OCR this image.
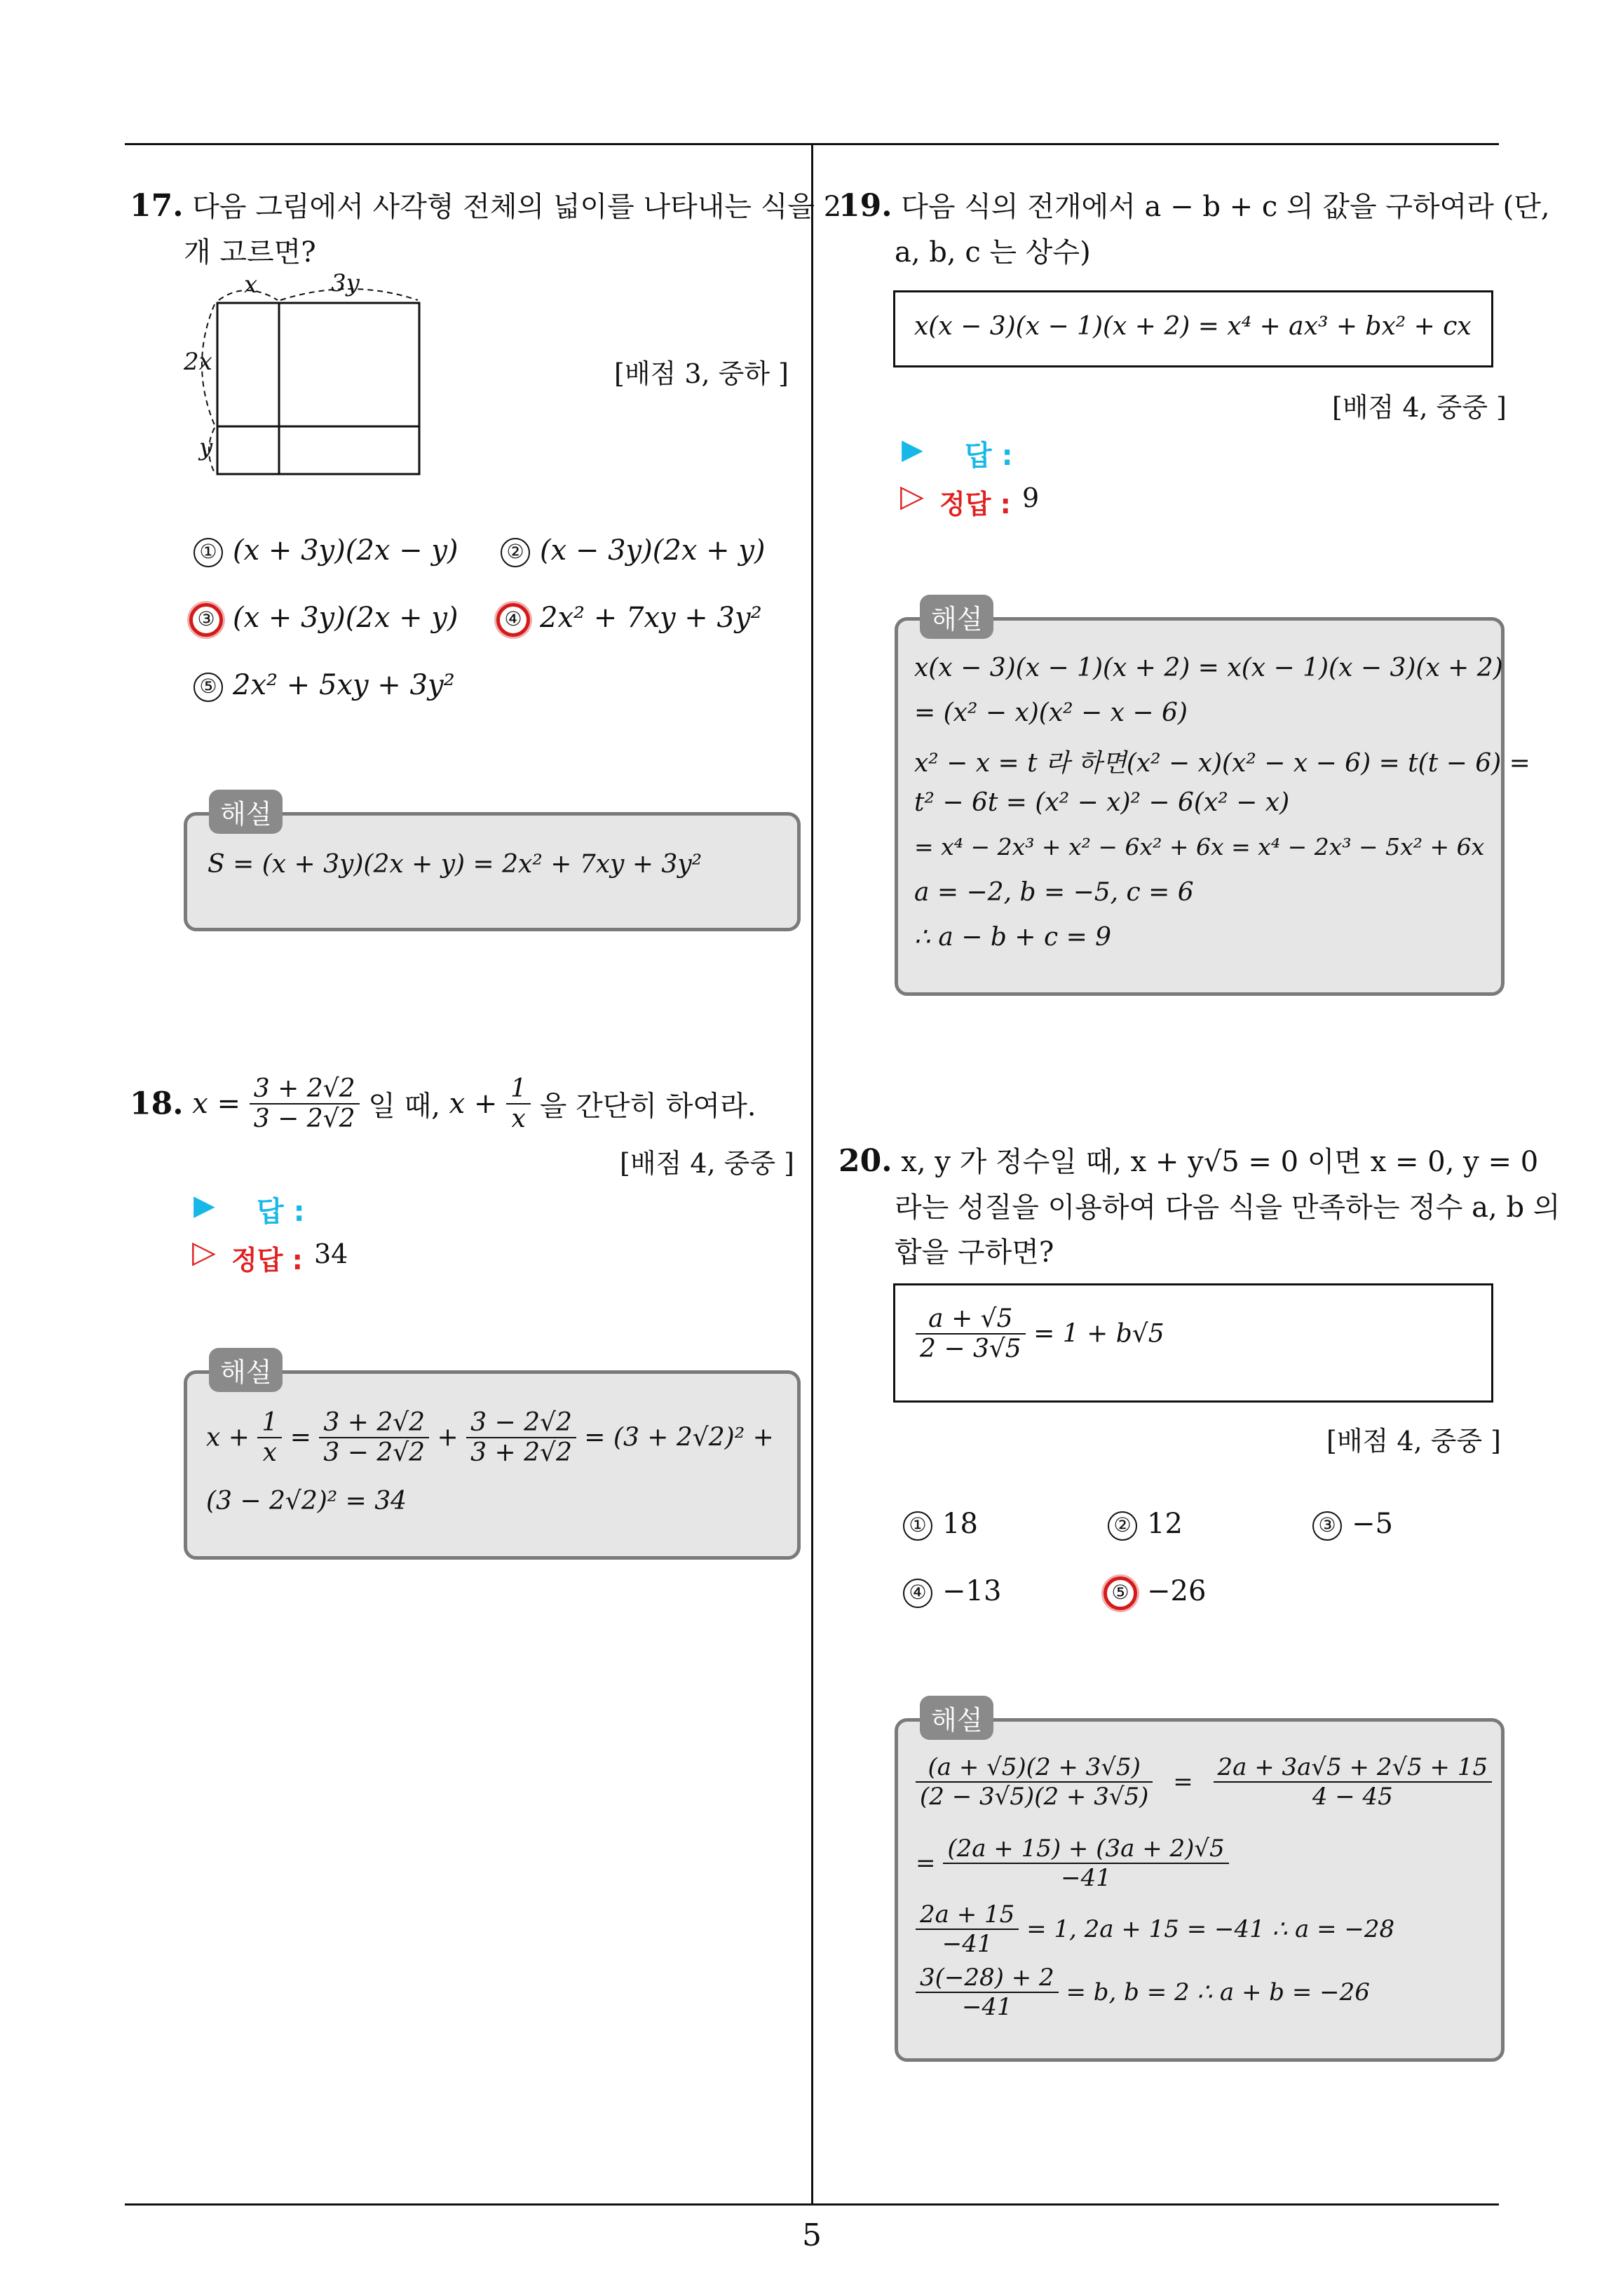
5
17. 다음 그림에서 사각형 전체의 넓이를 나타내는 식을 2
개 고르면?
x	3y
2x
y
[배점 3, 중하 ]
① (x + 3y)(2x − y)	② (x − 3y)(2x + y)
③ (x + 3y)(2x + y)	④ 2x² + 7xy + 3y²
⑤ 2x² + 5xy + 3y²
해설
S = (x + 3y)(2x + y) = 2x² + 7xy + 3y²
18. $x = \frac{3 + 2√2}{3 - 2√2}$ 일 때, $x + \frac{1}{x}$ 을 간단히 하여라.
[배점 4, 중중 ]
▶ 답 :
▷ 정답 : 34
해설
$x + \frac{1}{x} = \frac{3 + 2√2}{3 - 2√2} + \frac{3 - 2√2}{3 + 2√2} = (3 + 2√2)^2$ +
(3 − 2√2)² = 34
19. 다음 식의 전개에서 a − b + c 의 값을 구하여라 (단,
a, b, c 는 상수)
x(x − 3)(x − 1)(x + 2) = x⁴ + ax³ + bx² + cx
[배점 4, 중중 ]
▶ 답 :
▷ 정답 : 9
해설
x(x − 3)(x − 1)(x + 2) = x(x − 1)(x − 3)(x + 2)
= (x² − x)(x² − x − 6)
x² − x = t 라 하면(x² − x)(x² − x − 6) = t(t − 6) =
t² − 6t = (x² − x)² − 6(x² − x)
= x⁴ − 2x³ + x² − 6x² + 6x = x⁴ − 2x³ − 5x² + 6x
a = −2, b = −5, c = 6
∴ a − b + c = 9
20. x, y 가 정수일 때, x + y√5 = 0 이면 x = 0, y = 0
라는 성질을 이용하여 다음 식을 만족하는 정수 a, b 의
합을 구하면?
$\frac{a + √5}{2 - 3√5} = 1 + b√5$
[배점 4, 중중 ]
① 18	② 12	③ −5
④ −13	⑤ −26
해설
$\frac{(a + √5)(2 + 3√5)}{(2 - 3√5)(2 + 3√5)} = \frac{2a + 3a√5 + 2√5 + 15}{4 - 45}$
= $\frac{(2a + 15) + (3a + 2)√5}{-41}$
$\frac{2a + 15}{-41} = 1$, 2a + 15 = −41 ∴ a = −28
$\frac{3(-28) + 2}{-41} = b$, b = 2 ∴ a + b = −26
